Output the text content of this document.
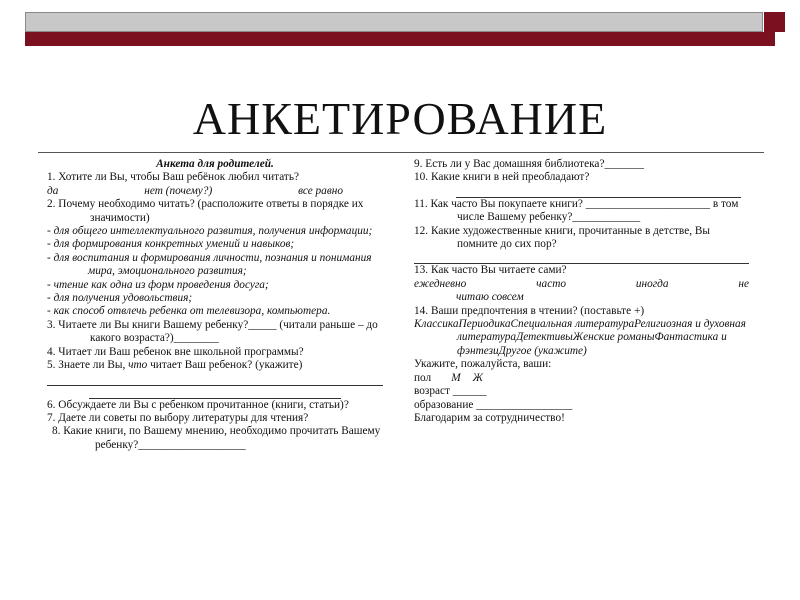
АНКЕТИРОВАНИЕ

Анкета для родителей.

1. Хотите ли Вы, чтобы Ваш ребёнок любил читать?

да	нет (почему?)	все равно

2. Почему необходимо читать? (расположите ответы в порядке их значимости)

- для общего интеллектуального развития, получения информации;

- для формирования конкретных умений и навыков;

- для воспитания и формирования личности, познания и понимания мира, эмоционального развития;

- чтение как одна из форм проведения досуга;

- для получения удовольствия;

- как способ отвлечь ребенка от телевизора, компьютера.

3. Читаете ли Вы книги Вашему ребенку?_____ (читали раньше – до какого возраста?)________

4. Читает ли Ваш ребенок вне школьной программы?

5. Знаете ли Вы, что читает Ваш ребенок? (укажите)

6. Обсуждаете ли Вы с ребенком прочитанное (книги, статьи)?

7. Даете ли советы по выбору литературы для чтения?

8. Какие книги, по Вашему мнению, необходимо прочитать Вашему ребенку?___________________

9. Есть ли у Вас домашняя библиотека?_______

10. Какие книги в ней преобладают?

11. Как часто Вы покупаете книги? ______________________ в том числе Вашему ребенку?____________

12. Какие художественные книги, прочитанные в детстве, Вы помните до сих пор?

13. Как часто Вы читаете сами?

ежедневно	часто	иногда	не

читаю совсем

14. Ваши предпочтения в чтении? (поставьте +)

КлассикаПериодикаСпециальная литератураРелигиозная и духовная литератураДетективыЖенские романыФантастика и фэнтезиДругое (укажите)

Укажите, пожалуйста, ваши:

пол М Ж

возраст ______

образование _________________

Благодарим за сотрудничество!
